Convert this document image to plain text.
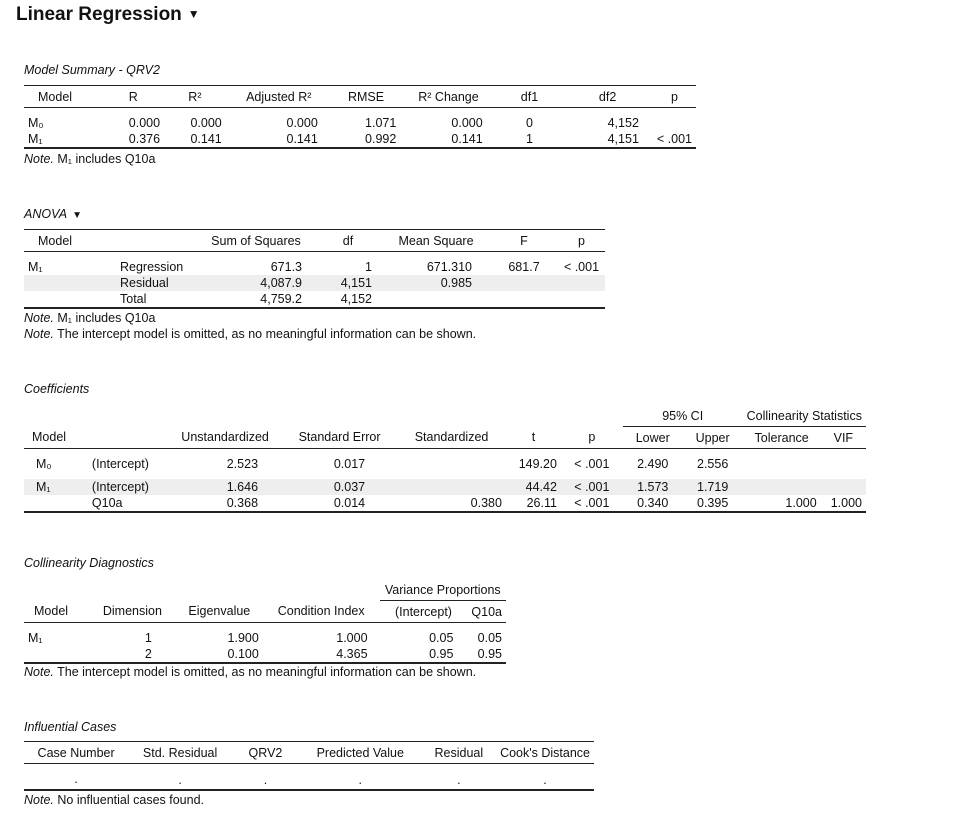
Linear Regression ▼
Model Summary - QRV2
Model	R	R²	Adjusted R²	RMSE	R² Change	df1	df2	p

M₀	0.000	0.000	0.000	1.071	0.000	0	4,152	
M₁	0.376	0.141	0.141	0.992	0.141	1	4,151	< .001
Note. M₁ includes Q10a
ANOVA ▼
Model		Sum of Squares	df	Mean Square	F	p

M₁	Regression	671.3	1	671.310	681.7	< .001
	Residual	4,087.9	4,151	0.985		
	Total	4,759.2	4,152			
Note. M₁ includes Q10a
Note. The intercept model is omitted, as no meaningful information can be shown.
Coefficients
							95% CI		Collinearity Statistics	
Model		Unstandardized	Standard Error	Standardized	t	p	Lower	Upper	Tolerance	VIF

M₀	(Intercept)	2.523	0.017		149.20	< .001	2.490	2.556		

M₁	(Intercept)	1.646	0.037		44.42	< .001	1.573	1.719		
	Q10a	0.368	0.014	0.380	26.11	< .001	0.340	0.395	1.000	1.000
Collinearity Diagnostics
				Variance Proportions	
Model	Dimension	Eigenvalue	Condition Index	(Intercept)	Q10a

M₁	1	1.900	1.000	0.05	0.05
	2	0.100	4.365	0.95	0.95
Note. The intercept model is omitted, as no meaningful information can be shown.
Influential Cases
Case Number	Std. Residual	QRV2	Predicted Value	Residual	Cook's Distance

.	.	.	.	.	.
Note. No influential cases found.
